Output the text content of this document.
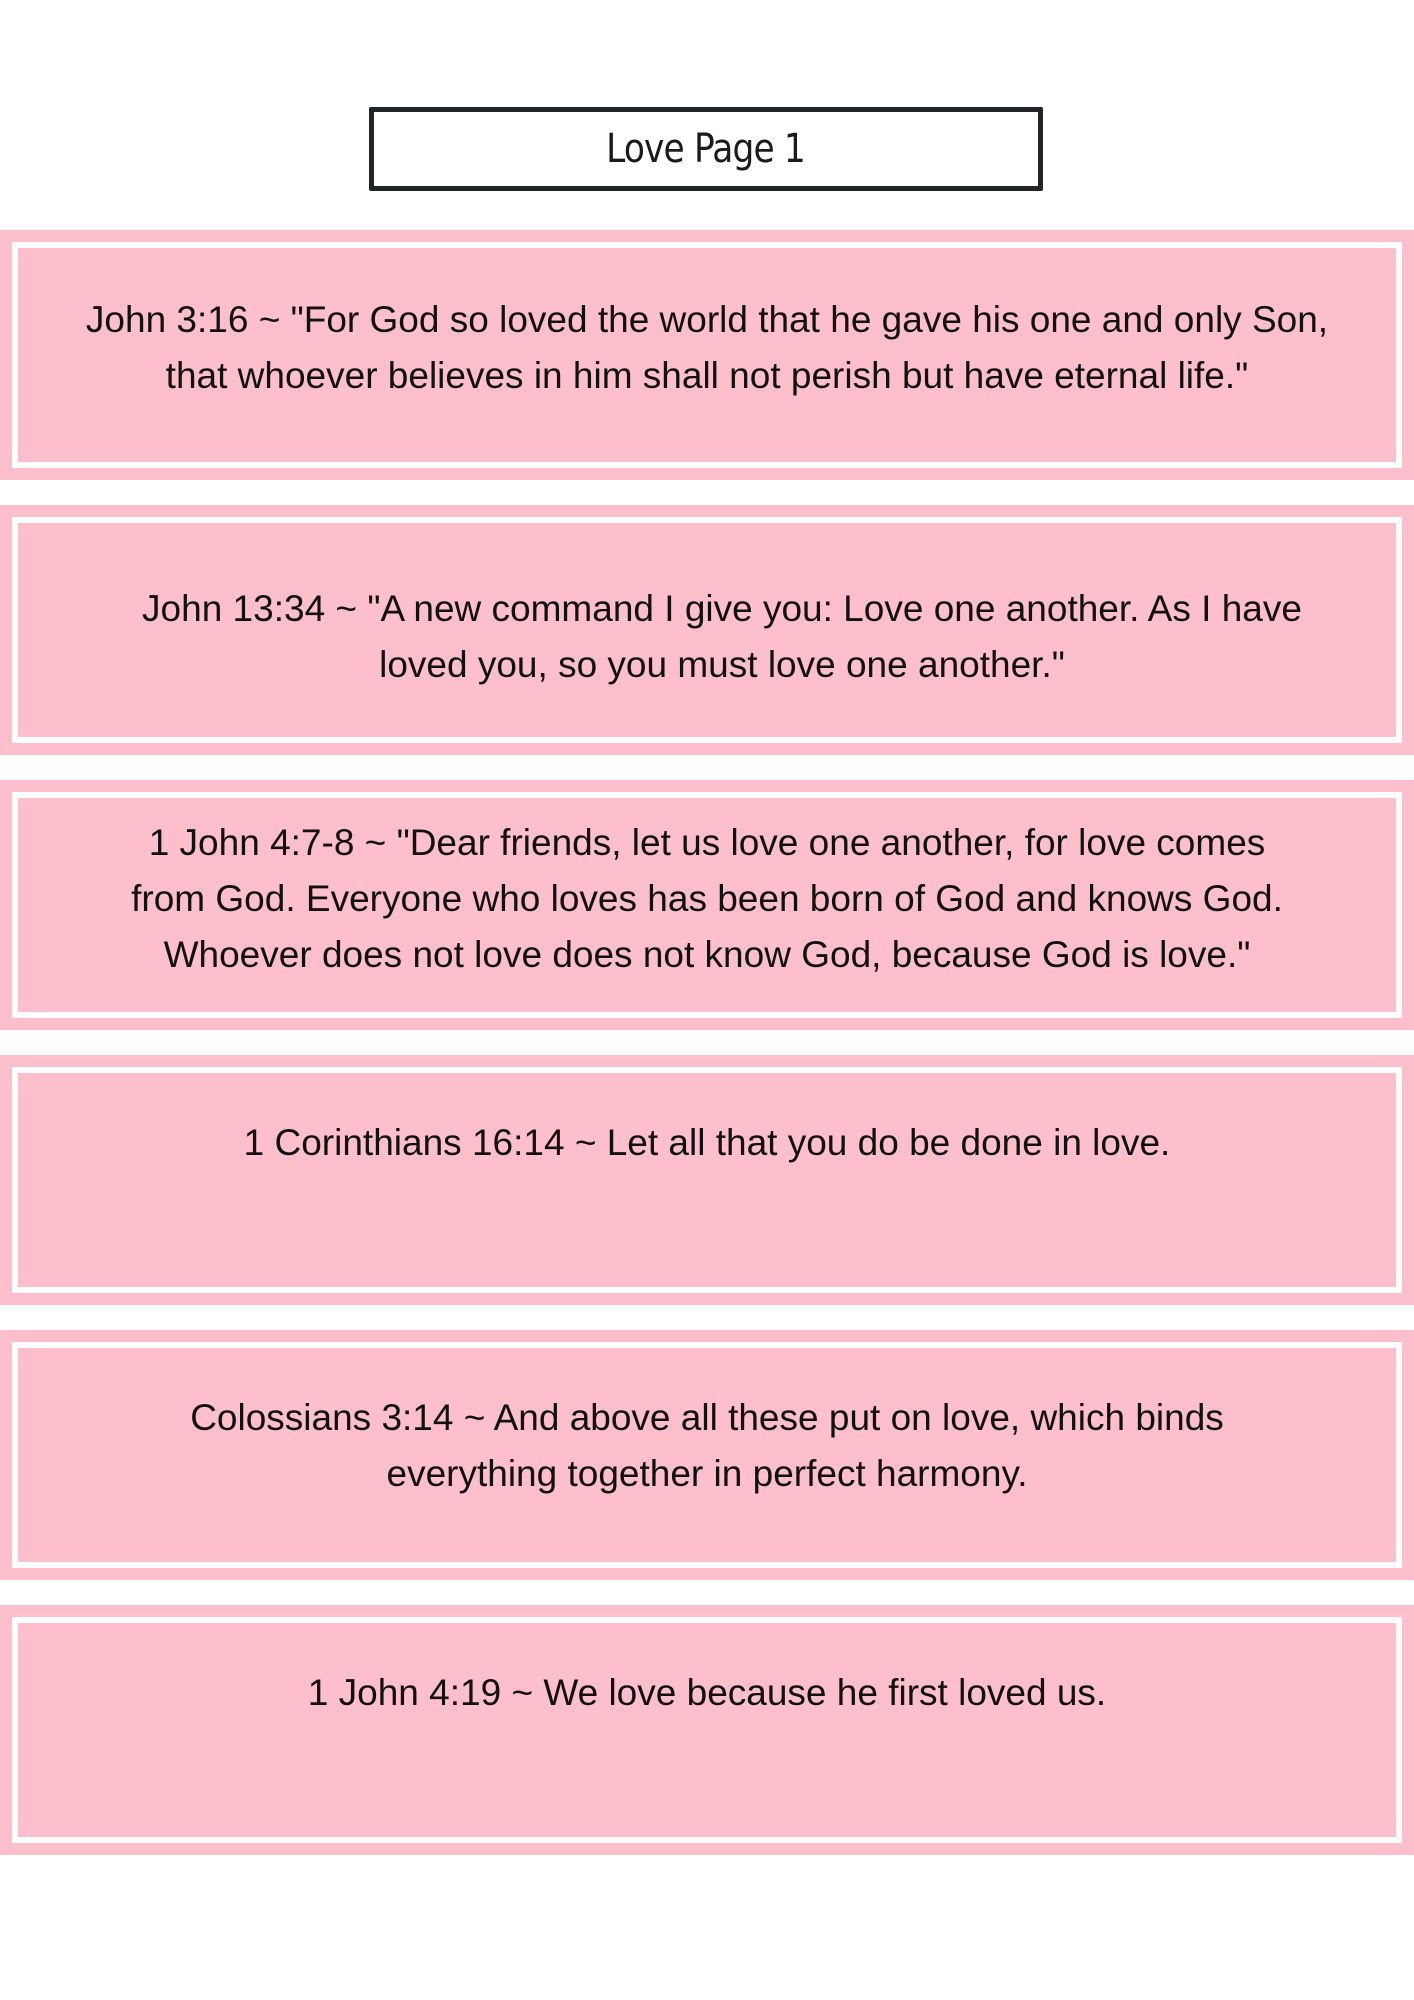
Love Page 1
John 3:16 ~ "For God so loved the world that he gave his one and only Son, that whoever believes in him shall not perish but have eternal life."
John 13:34 ~ "A new command I give you: Love one another. As I have loved you, so you must love one another."
1 John 4:7-8 ~ "Dear friends, let us love one another, for love comes from God. Everyone who loves has been born of God and knows God. Whoever does not love does not know God, because God is love."
1 Corinthians 16:14 ~ Let all that you do be done in love.
Colossians 3:14 ~ And above all these put on love, which binds everything together in perfect harmony.
1 John 4:19 ~ We love because he first loved us.
